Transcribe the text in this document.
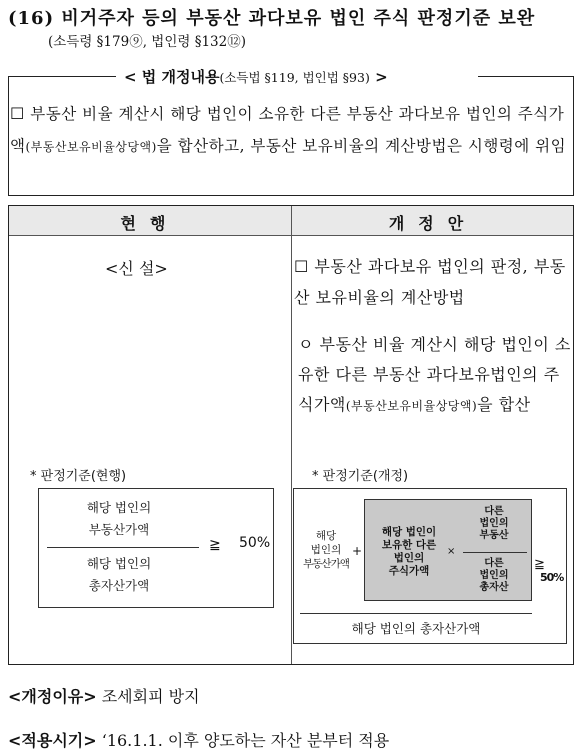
(16) 비거주자 등의 부동산 과다보유 법인 주식 판정기준 보완
(소득령 §179⑨, 법인령 §132⑫)
< 법 개정내용(소득법 §119, 법인법 §93) >
☐ 부동산 비율 계산시 해당 법인이 소유한 다른 부동산 과다보유 법인의 주식가액(부동산보유비율상당액)을 합산하고, 부동산 보유비율의 계산방법은 시행령에 위임
현행	개정안
<신 설>	☐ 부동산 과다보유 법인의 판정, 부동산 보유비율의 계산방법
ㅇ 부동산 비율 계산시 해당 법인이 소유한 다른 부동산 과다보유법인의 주식가액(부동산보유비율상당액)을 합산
* 판정기준(현행)	* 판정기준(개정)
해당 법인의
부동산가액
해당 법인의
총자산가액
≧ 50%	해당
법인의
부동산가액
+
해당 법인이
보유한 다른
법인의
주식가액
×
다른
법인의
부동산
다른
법인의
총자산
≧
50%
해당 법인의 총자산가액
<개정이유> 조세회피 방지
<적용시기> ‘16.1.1. 이후 양도하는 자산 분부터 적용
